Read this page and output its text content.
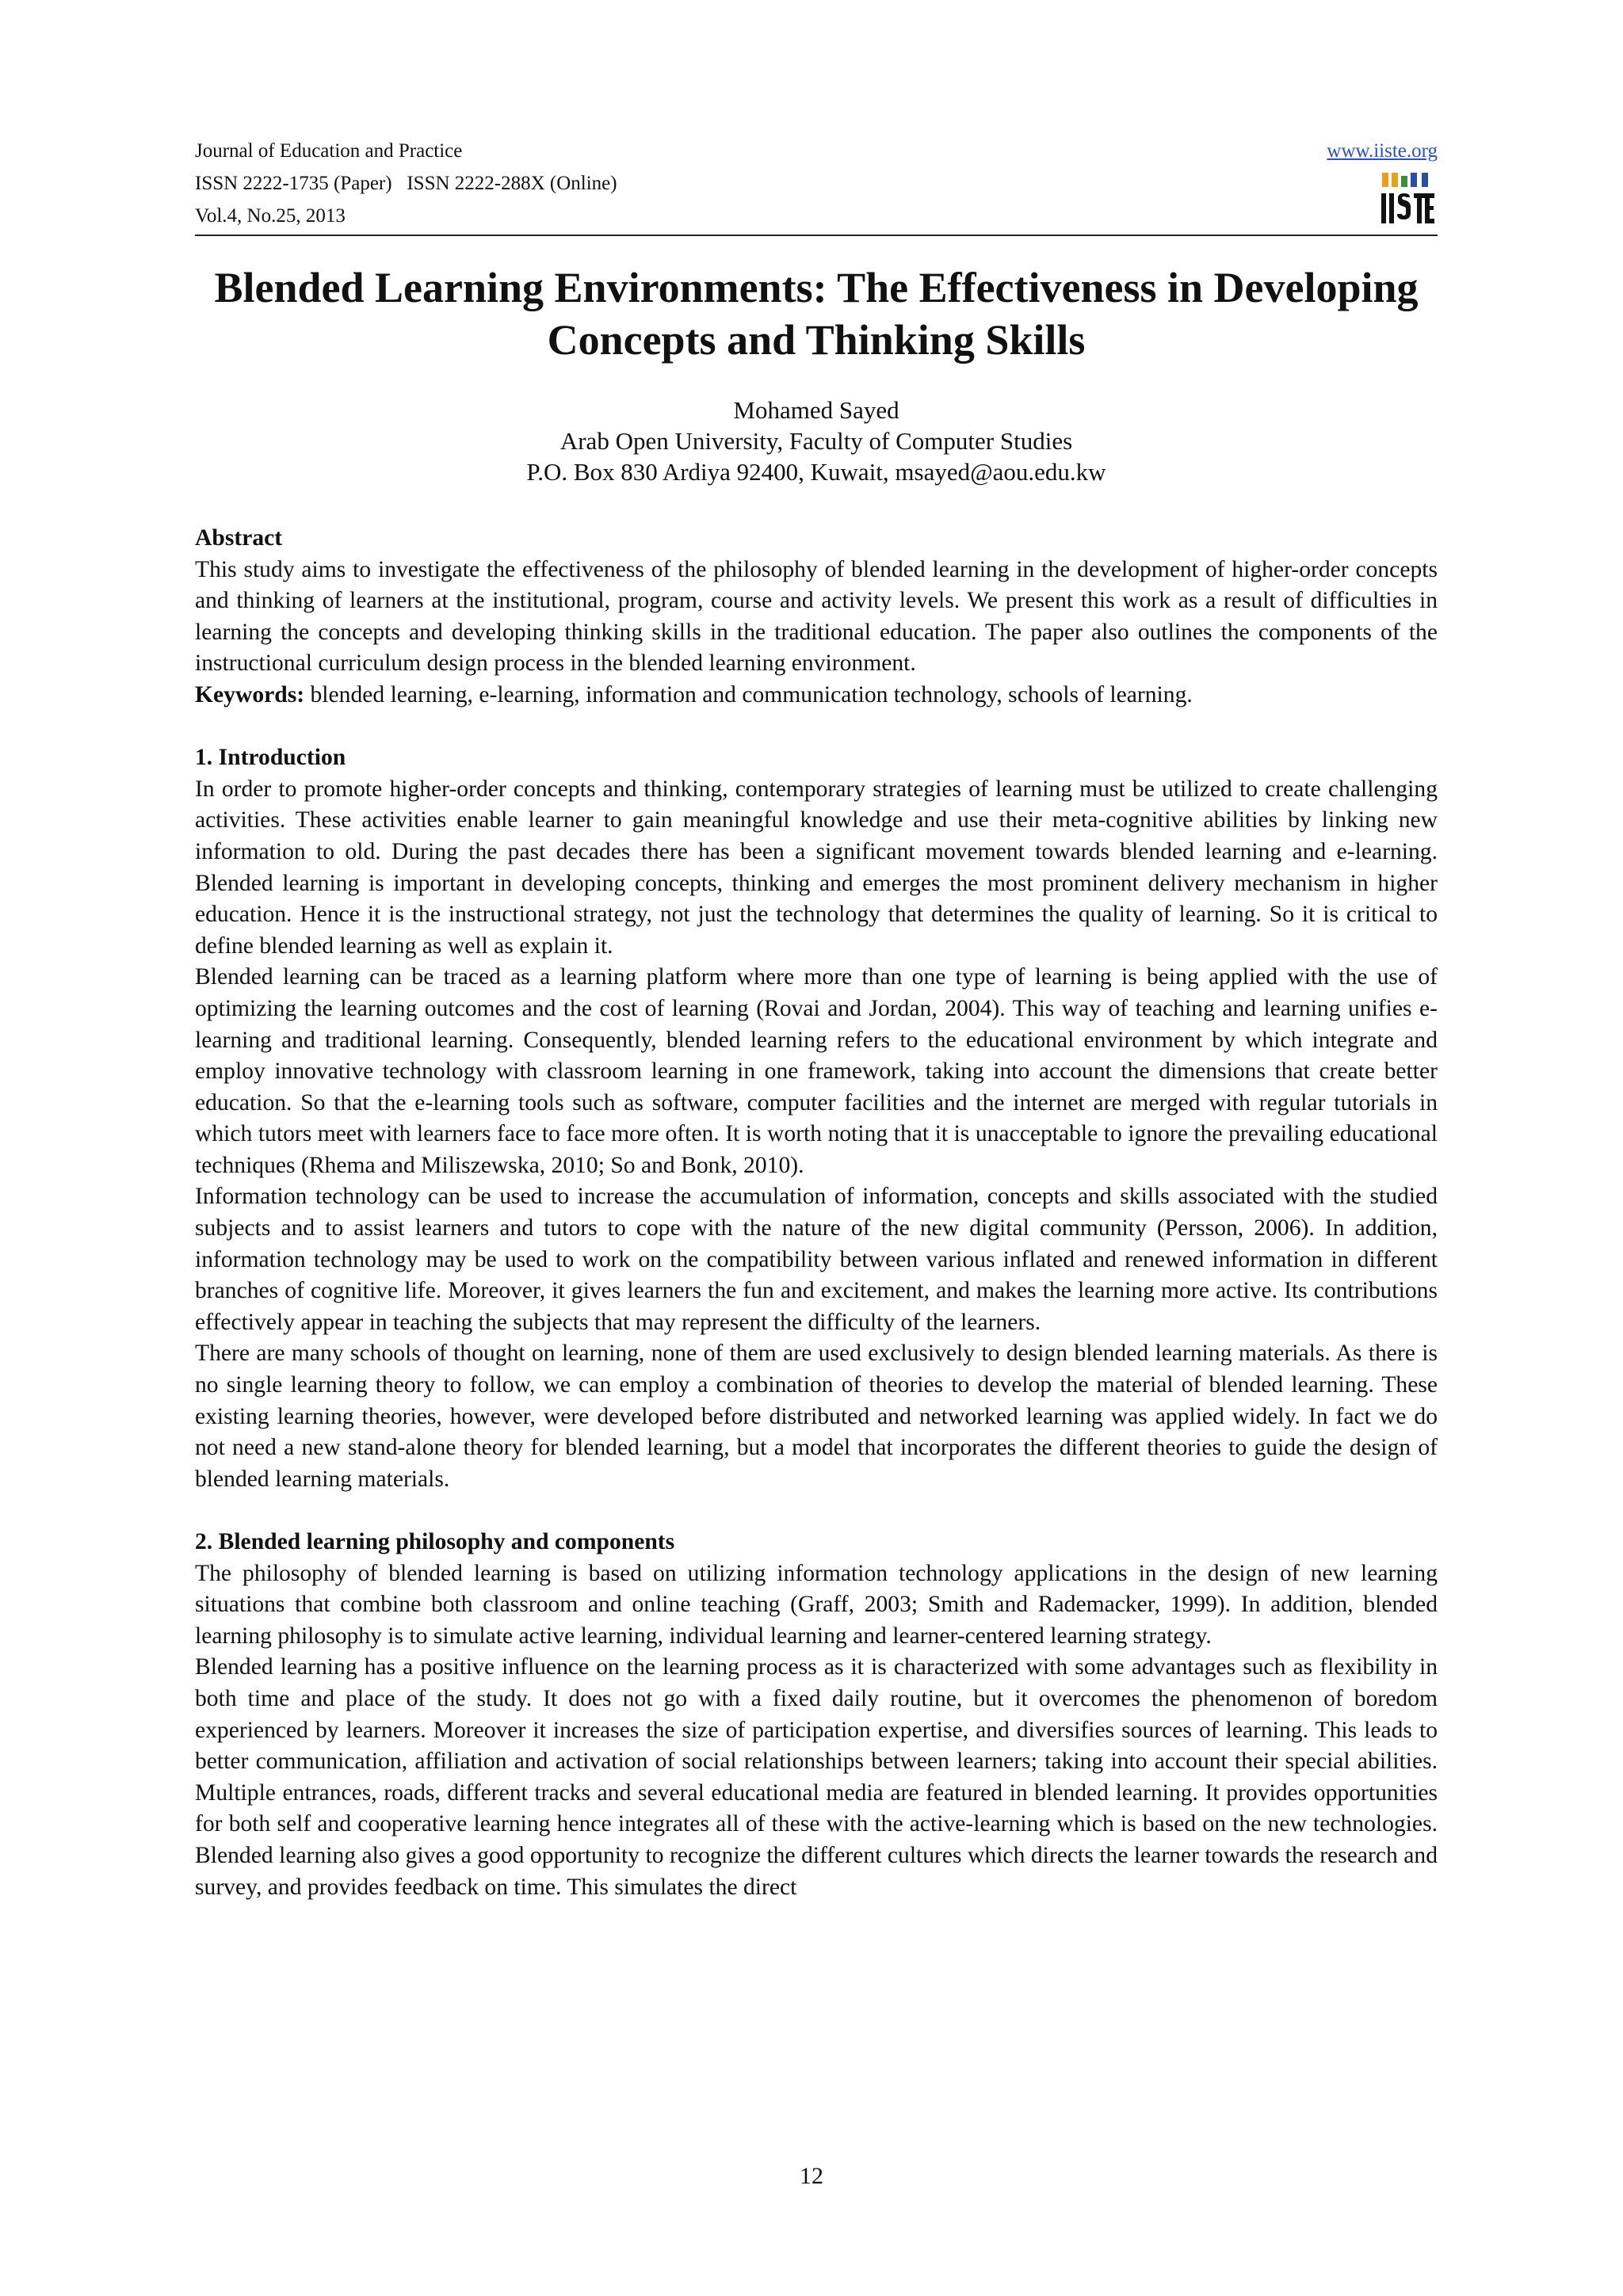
Journal of Education and Practice
ISSN 2222-1735 (Paper)   ISSN 2222-288X (Online)
Vol.4, No.25, 2013
www.iiste.org
Blended Learning Environments: The Effectiveness in Developing
Concepts and Thinking Skills
Mohamed Sayed
Arab Open University, Faculty of Computer Studies
P.O. Box 830 Ardiya 92400, Kuwait, msayed@aou.edu.kw
Abstract

This study aims to investigate the effectiveness of the philosophy of blended learning in the development of higher-order concepts and thinking of learners at the institutional, program, course and activity levels. We present this work as a result of difficulties in learning the concepts and developing thinking skills in the traditional education. The paper also outlines the components of the instructional curriculum design process in the blended learning environment.

Keywords: blended learning, e-learning, information and communication technology, schools of learning.

1. Introduction

In order to promote higher-order concepts and thinking, contemporary strategies of learning must be utilized to create challenging activities. These activities enable learner to gain meaningful knowledge and use their meta-cognitive abilities by linking new information to old. During the past decades there has been a significant movement towards blended learning and e-learning. Blended learning is important in developing concepts, thinking and emerges the most prominent delivery mechanism in higher education. Hence it is the instructional strategy, not just the technology that determines the quality of learning. So it is critical to define blended learning as well as explain it.

Blended learning can be traced as a learning platform where more than one type of learning is being applied with the use of optimizing the learning outcomes and the cost of learning (Rovai and Jordan, 2004). This way of teaching and learning unifies e-learning and traditional learning. Consequently, blended learning refers to the educational environment by which integrate and employ innovative technology with classroom learning in one framework, taking into account the dimensions that create better education. So that the e-learning tools such as software, computer facilities and the internet are merged with regular tutorials in which tutors meet with learners face to face more often. It is worth noting that it is unacceptable to ignore the prevailing educational techniques (Rhema and Miliszewska, 2010; So and Bonk, 2010).

Information technology can be used to increase the accumulation of information, concepts and skills associated with the studied subjects and to assist learners and tutors to cope with the nature of the new digital community (Persson, 2006). In addition, information technology may be used to work on the compatibility between various inflated and renewed information in different branches of cognitive life. Moreover, it gives learners the fun and excitement, and makes the learning more active. Its contributions effectively appear in teaching the subjects that may represent the difficulty of the learners.

There are many schools of thought on learning, none of them are used exclusively to design blended learning materials. As there is no single learning theory to follow, we can employ a combination of theories to develop the material of blended learning. These existing learning theories, however, were developed before distributed and networked learning was applied widely. In fact we do not need a new stand-alone theory for blended learning, but a model that incorporates the different theories to guide the design of blended learning materials.

2. Blended learning philosophy and components

The philosophy of blended learning is based on utilizing information technology applications in the design of new learning situations that combine both classroom and online teaching (Graff, 2003; Smith and Rademacker, 1999). In addition, blended learning philosophy is to simulate active learning, individual learning and learner-centered learning strategy.

Blended learning has a positive influence on the learning process as it is characterized with some advantages such as flexibility in both time and place of the study. It does not go with a fixed daily routine, but it overcomes the phenomenon of boredom experienced by learners. Moreover it increases the size of participation expertise, and diversifies sources of learning. This leads to better communication, affiliation and activation of social relationships between learners; taking into account their special abilities. Multiple entrances, roads, different tracks and several educational media are featured in blended learning. It provides opportunities for both self and cooperative learning hence integrates all of these with the active-learning which is based on the new technologies. Blended learning also gives a good opportunity to recognize the different cultures which directs the learner towards the research and survey, and provides feedback on time. This simulates the direct

12
